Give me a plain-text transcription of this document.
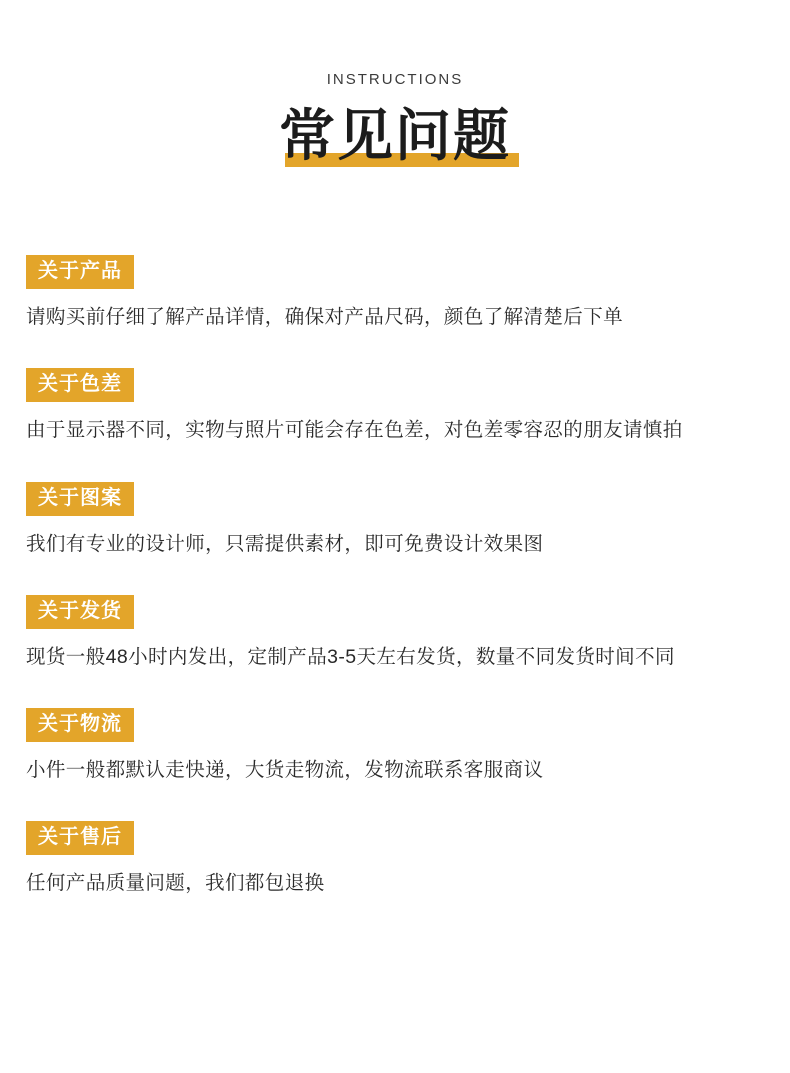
INSTRUCTIONS
常见问题
关于产品
请购买前仔细了解产品详情，确保对产品尺码，颜色了解清楚后下单
关于色差
由于显示器不同，实物与照片可能会存在色差，对色差零容忍的朋友请慎拍
关于图案
我们有专业的设计师，只需提供素材，即可免费设计效果图
关于发货
现货一般48小时内发出，定制产品3-5天左右发货，数量不同发货时间不同
关于物流
小件一般都默认走快递，大货走物流，发物流联系客服商议
关于售后
任何产品质量问题，我们都包退换
